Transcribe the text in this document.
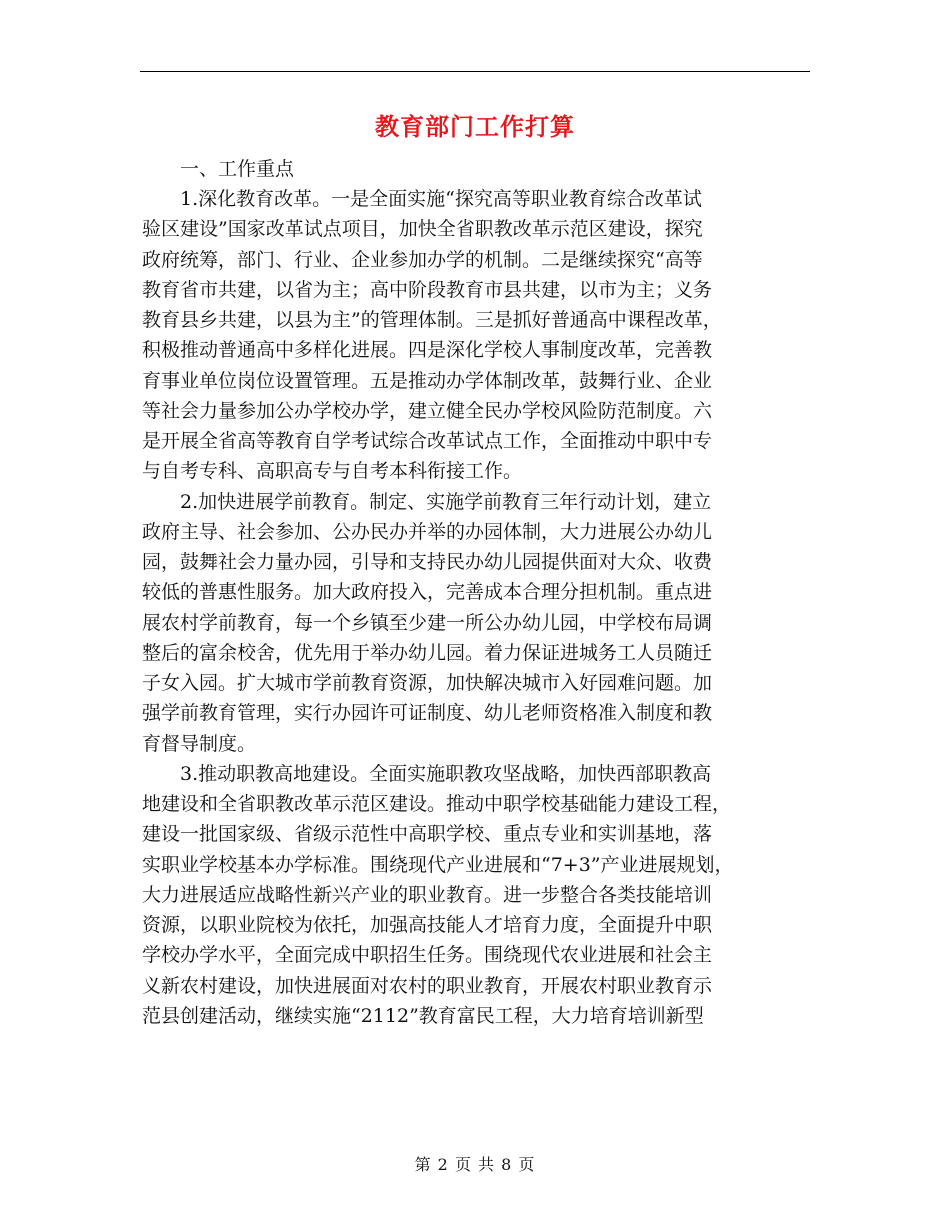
教育部门工作打算

一、工作重点

1.深化教育改革。一是全面实施“探究高等职业教育综合改革试
验区建设”国家改革试点项目，加快全省职教改革示范区建设，探究
政府统筹，部门、行业、企业参加办学的机制。二是继续探究“高等
教育省市共建，以省为主；高中阶段教育市县共建，以市为主；义务
教育县乡共建，以县为主”的管理体制。三是抓好普通高中课程改革，
积极推动普通高中多样化进展。四是深化学校人事制度改革，完善教
育事业单位岗位设置管理。五是推动办学体制改革，鼓舞行业、企业
等社会力量参加公办学校办学，建立健全民办学校风险防范制度。六
是开展全省高等教育自学考试综合改革试点工作，全面推动中职中专
与自考专科、高职高专与自考本科衔接工作。

2.加快进展学前教育。制定、实施学前教育三年行动计划，建立
政府主导、社会参加、公办民办并举的办园体制，大力进展公办幼儿
园，鼓舞社会力量办园，引导和支持民办幼儿园提供面对大众、收费
较低的普惠性服务。加大政府投入，完善成本合理分担机制。重点进
展农村学前教育，每一个乡镇至少建一所公办幼儿园，中学校布局调
整后的富余校舍，优先用于举办幼儿园。着力保证进城务工人员随迁
子女入园。扩大城市学前教育资源，加快解决城市入好园难问题。加
强学前教育管理，实行办园许可证制度、幼儿老师资格准入制度和教
育督导制度。

3.推动职教高地建设。全面实施职教攻坚战略，加快西部职教高
地建设和全省职教改革示范区建设。推动中职学校基础能力建设工程，
建设一批国家级、省级示范性中高职学校、重点专业和实训基地，落
实职业学校基本办学标准。围绕现代产业进展和“7+3”产业进展规划，
大力进展适应战略性新兴产业的职业教育。进一步整合各类技能培训
资源，以职业院校为依托，加强高技能人才培育力度，全面提升中职
学校办学水平，全面完成中职招生任务。围绕现代农业进展和社会主
义新农村建设，加快进展面对农村的职业教育，开展农村职业教育示
范县创建活动，继续实施“2112”教育富民工程，大力培育培训新型

第 2 页 共 8 页
